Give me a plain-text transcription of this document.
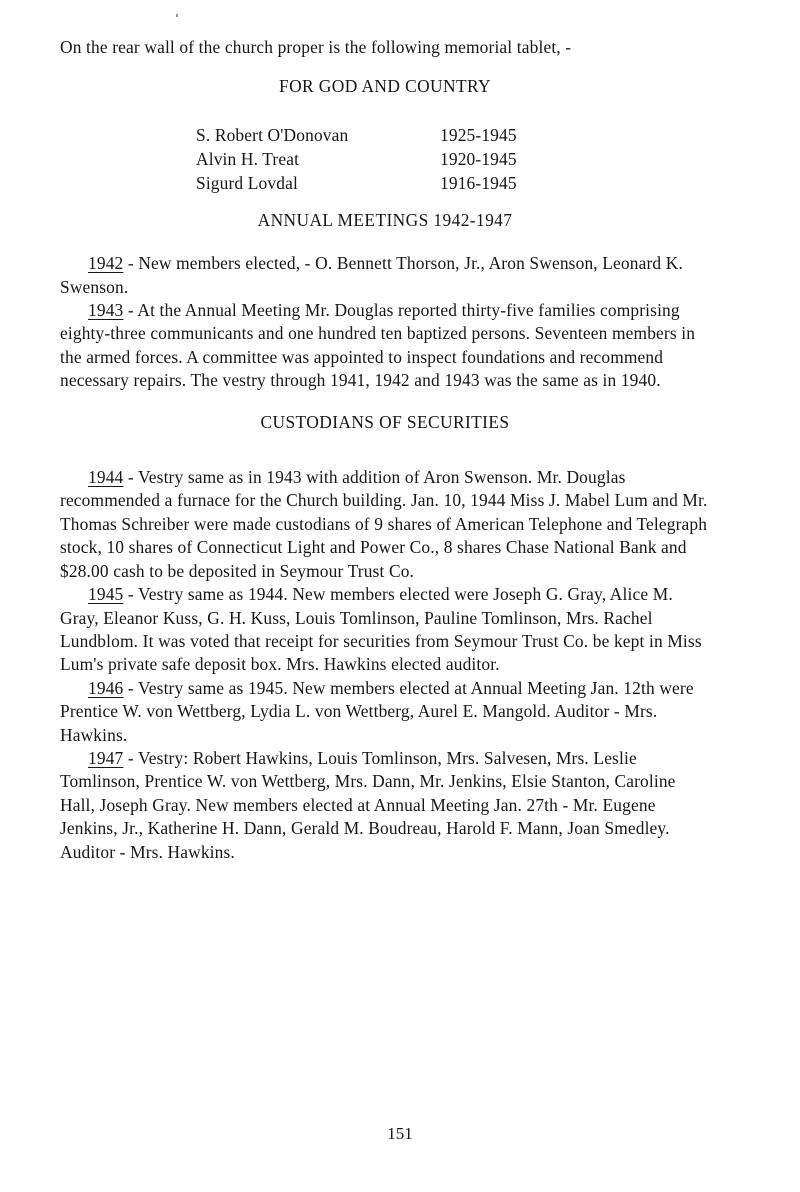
On the rear wall of the church proper is the following memorial tablet, -

FOR GOD AND COUNTRY

S. Robert O'Donovan	1925-1945
Alvin H. Treat	1920-1945
Sigurd Lovdal	1916-1945

ANNUAL MEETINGS 1942-1947

1942 - New members elected, - O. Bennett Thorson, Jr., Aron Swenson, Leonard K. Swenson.

1943 - At the Annual Meeting Mr. Douglas reported thirty-five families comprising eighty-three communicants and one hundred ten baptized persons. Seventeen members in the armed forces. A committee was appointed to inspect foundations and recommend necessary repairs. The vestry through 1941, 1942 and 1943 was the same as in 1940.

CUSTODIANS OF SECURITIES

1944 - Vestry same as in 1943 with addition of Aron Swenson. Mr. Douglas recommended a furnace for the Church building. Jan. 10, 1944 Miss J. Mabel Lum and Mr. Thomas Schreiber were made custodians of 9 shares of American Telephone and Telegraph stock, 10 shares of Connecticut Light and Power Co., 8 shares Chase National Bank and $28.00 cash to be deposited in Seymour Trust Co.

1945 - Vestry same as 1944. New members elected were Joseph G. Gray, Alice M. Gray, Eleanor Kuss, G. H. Kuss, Louis Tomlinson, Pauline Tomlinson, Mrs. Rachel Lundblom. It was voted that receipt for securities from Seymour Trust Co. be kept in Miss Lum's private safe deposit box. Mrs. Hawkins elected auditor.

1946 - Vestry same as 1945. New members elected at Annual Meeting Jan. 12th were Prentice W. von Wettberg, Lydia L. von Wettberg, Aurel E. Mangold. Auditor - Mrs. Hawkins.

1947 - Vestry: Robert Hawkins, Louis Tomlinson, Mrs. Salvesen, Mrs. Leslie Tomlinson, Prentice W. von Wettberg, Mrs. Dann, Mr. Jenkins, Elsie Stanton, Caroline Hall, Joseph Gray. New members elected at Annual Meeting Jan. 27th - Mr. Eugene Jenkins, Jr., Katherine H. Dann, Gerald M. Boudreau, Harold F. Mann, Joan Smedley. Auditor - Mrs. Hawkins.

151
